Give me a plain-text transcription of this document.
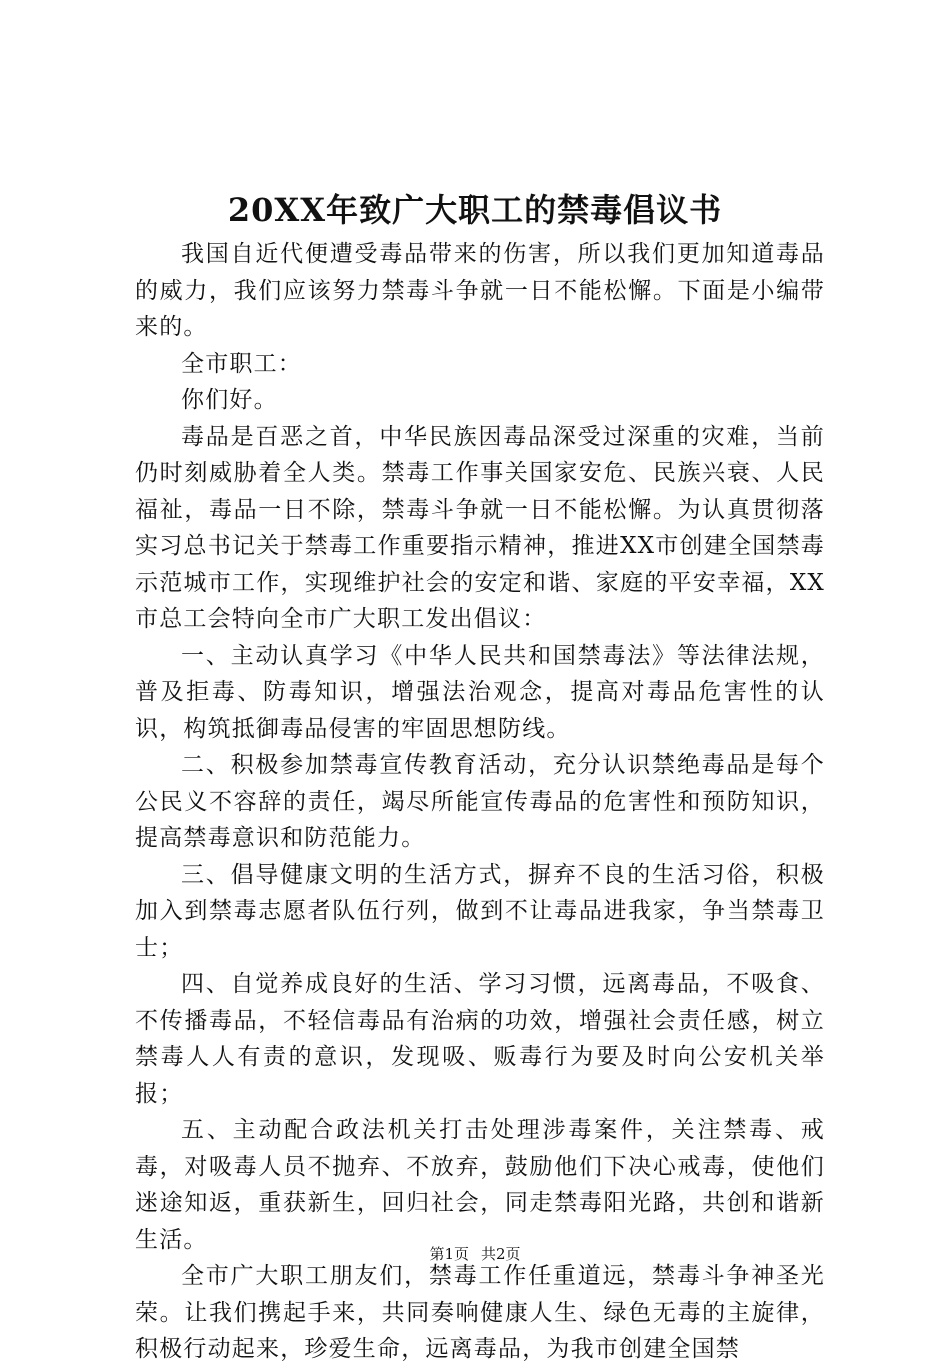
20XX年致广大职工的禁毒倡议书

我国自近代便遭受毒品带来的伤害，所以我们更加知道毒品的威力，我们应该努力禁毒斗争就一日不能松懈。下面是小编带来的。

全市职工：

你们好。

毒品是百恶之首，中华民族因毒品深受过深重的灾难，当前仍时刻威胁着全人类。禁毒工作事关国家安危、民族兴衰、人民福祉，毒品一日不除，禁毒斗争就一日不能松懈。为认真贯彻落实习总书记关于禁毒工作重要指示精神，推进XX市创建全国禁毒示范城市工作，实现维护社会的安定和谐、家庭的平安幸福，XX市总工会特向全市广大职工发出倡议：

一、主动认真学习《中华人民共和国禁毒法》等法律法规，普及拒毒、防毒知识，增强法治观念，提高对毒品危害性的认识，构筑抵御毒品侵害的牢固思想防线。

二、积极参加禁毒宣传教育活动，充分认识禁绝毒品是每个公民义不容辞的责任，竭尽所能宣传毒品的危害性和预防知识，提高禁毒意识和防范能力。

三、倡导健康文明的生活方式，摒弃不良的生活习俗，积极加入到禁毒志愿者队伍行列，做到不让毒品进我家，争当禁毒卫士；

四、自觉养成良好的生活、学习习惯，远离毒品，不吸食、不传播毒品，不轻信毒品有治病的功效，增强社会责任感，树立禁毒人人有责的意识，发现吸、贩毒行为要及时向公安机关举报；

五、主动配合政法机关打击处理涉毒案件，关注禁毒、戒毒，对吸毒人员不抛弃、不放弃，鼓励他们下决心戒毒，使他们迷途知返，重获新生，回归社会，同走禁毒阳光路，共创和谐新生活。

全市广大职工朋友们，禁毒工作任重道远，禁毒斗争神圣光荣。让我们携起手来，共同奏响健康人生、绿色无毒的主旋律，积极行动起来，珍爱生命，远离毒品，为我市创建全国禁

第1页 共2页
